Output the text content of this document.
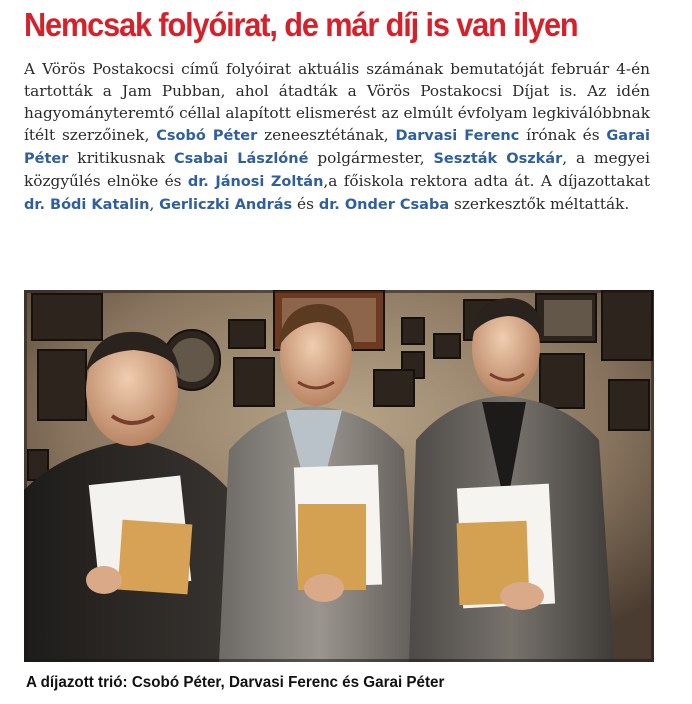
Nemcsak folyóirat, de már díj is van ilyen
A Vörös Postakocsi című folyóirat aktuális számának bemutatóját február 4-én tartották a Jam Pubban, ahol átadták a Vörös Postakocsi Díjat is. Az idén hagyományteremtő céllal alapított elismerést az elmúlt évfolyam legkiválóbbnak ítélt szerzőinek, Csobó Péter zeneesztétának, Darvasi Ferenc írónak és Garai Péter kritikusnak Csabai Lászlóné polgármester, Seszták Oszkár, a megyei közgyűlés elnöke és dr. Jánosi Zoltán,a főiskola rektora adta át. A díjazottakat dr. Bódi Katalin, Gerliczki András és dr. Onder Csaba szerkesztők méltatták.
A díjazott trió: Csobó Péter, Darvasi Ferenc és Garai Péter
